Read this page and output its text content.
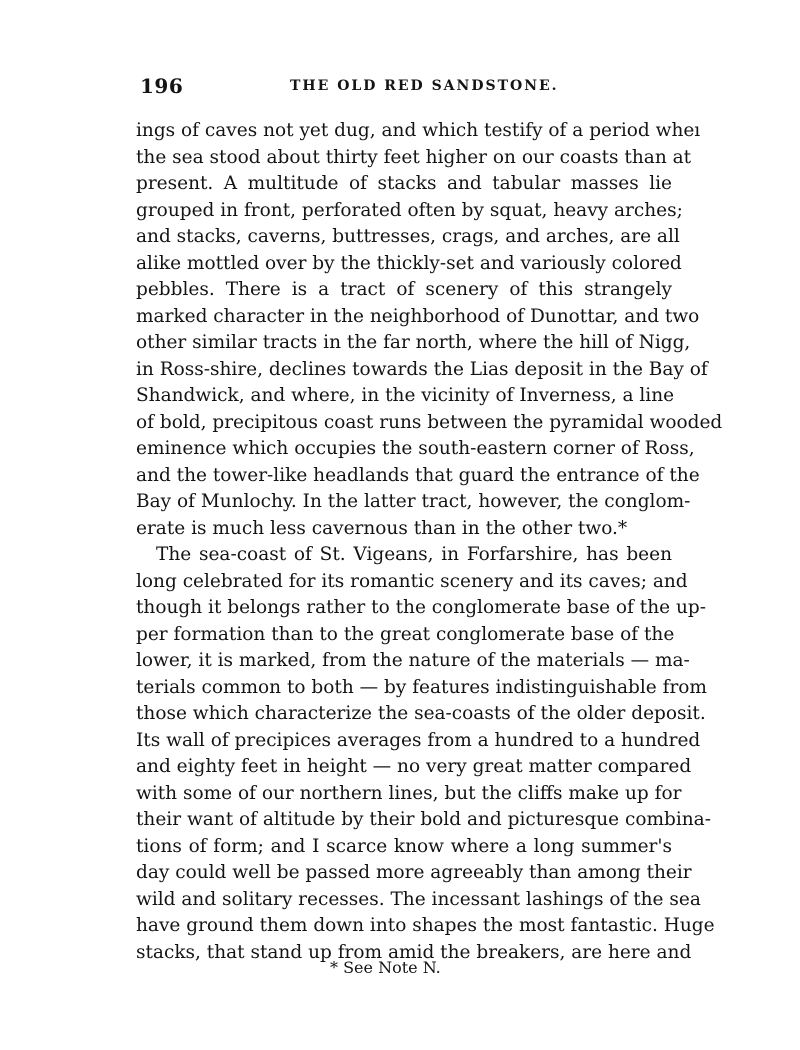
196	THE OLD RED SANDSTONE.
ings of caves not yet dug, and which testify of a period wheı
the sea stood about thirty feet higher on our coasts than at
present. A multitude of stacks and tabular masses lie
grouped in front, perforated often by squat, heavy arches;
and stacks, caverns, buttresses, crags, and arches, are all
alike mottled over by the thickly-set and variously colored
pebbles. There is a tract of scenery of this strangely
marked character in the neighborhood of Dunottar, and two
other similar tracts in the far north, where the hill of Nigg,
in Ross-shire, declines towards the Lias deposit in the Bay of
Shandwick, and where, in the vicinity of Inverness, a line
of bold, precipitous coast runs between the pyramidal wooded
eminence which occupies the south-eastern corner of Ross,
and the tower-like headlands that guard the entrance of the
Bay of Munlochy. In the latter tract, however, the conglom-
erate is much less cavernous than in the other two.*
The sea-coast of St. Vigeans, in Forfarshire, has been
long celebrated for its romantic scenery and its caves; and
though it belongs rather to the conglomerate base of the up-
per formation than to the great conglomerate base of the
lower, it is marked, from the nature of the materials — ma-
terials common to both — by features indistinguishable from
those which characterize the sea-coasts of the older deposit.
Its wall of precipices averages from a hundred to a hundred
and eighty feet in height — no very great matter compared
with some of our northern lines, but the cliffs make up for
their want of altitude by their bold and picturesque combina-
tions of form; and I scarce know where a long summer's
day could well be passed more agreeably than among their
wild and solitary recesses. The incessant lashings of the sea
have ground them down into shapes the most fantastic. Huge
stacks, that stand up from amid the breakers, are here and
* See Note N.
